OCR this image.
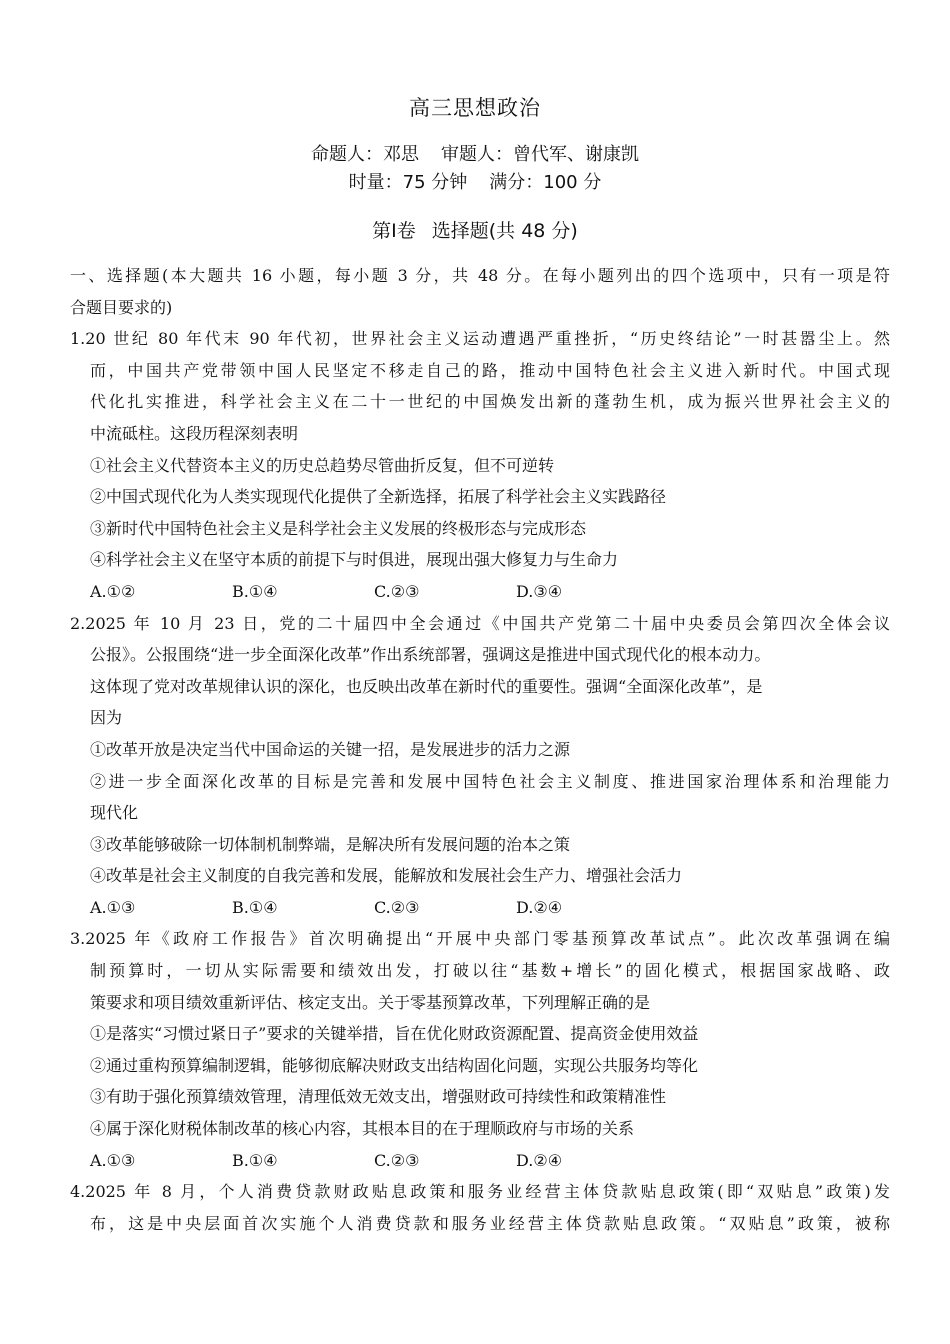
高三思想政治
命题人：邓思 审题人：曾代军、谢康凯
时量：75 分钟 满分：100 分
第Ⅰ卷 选择题(共 48 分)
一、选择题(本大题共 16 小题，每小题 3 分，共 48 分。在每小题列出的四个选项中，只有一项是符
合题目要求的)
1.20 世纪 80 年代末 90 年代初，世界社会主义运动遭遇严重挫折，“历史终结论”一时甚嚣尘上。然
而，中国共产党带领中国人民坚定不移走自己的路，推动中国特色社会主义进入新时代。中国式现
代化扎实推进，科学社会主义在二十一世纪的中国焕发出新的蓬勃生机，成为振兴世界社会主义的
中流砥柱。这段历程深刻表明
①社会主义代替资本主义的历史总趋势尽管曲折反复，但不可逆转
②中国式现代化为人类实现现代化提供了全新选择，拓展了科学社会主义实践路径
③新时代中国特色社会主义是科学社会主义发展的终极形态与完成形态
④科学社会主义在坚守本质的前提下与时俱进，展现出强大修复力与生命力
A.①②	B.①④	C.②③	D.③④
2.2025 年 10 月 23 日，党的二十届四中全会通过《中国共产党第二十届中央委员会第四次全体会议
公报》。公报围绕“进一步全面深化改革”作出系统部署，强调这是推进中国式现代化的根本动力。
这体现了党对改革规律认识的深化，也反映出改革在新时代的重要性。强调“全面深化改革”，是
因为
①改革开放是决定当代中国命运的关键一招，是发展进步的活力之源
②进一步全面深化改革的目标是完善和发展中国特色社会主义制度、推进国家治理体系和治理能力
现代化
③改革能够破除一切体制机制弊端，是解决所有发展问题的治本之策
④改革是社会主义制度的自我完善和发展，能解放和发展社会生产力、增强社会活力
A.①③	B.①④	C.②③	D.②④
3.2025 年《政府工作报告》首次明确提出“开展中央部门零基预算改革试点”。此次改革强调在编
制预算时，一切从实际需要和绩效出发，打破以往“基数+增长”的固化模式，根据国家战略、政
策要求和项目绩效重新评估、核定支出。关于零基预算改革，下列理解正确的是
①是落实“习惯过紧日子”要求的关键举措，旨在优化财政资源配置、提高资金使用效益
②通过重构预算编制逻辑，能够彻底解决财政支出结构固化问题，实现公共服务均等化
③有助于强化预算绩效管理，清理低效无效支出，增强财政可持续性和政策精准性
④属于深化财税体制改革的核心内容，其根本目的在于理顺政府与市场的关系
A.①③	B.①④	C.②③	D.②④
4.2025 年 8 月，个人消费贷款财政贴息政策和服务业经营主体贷款贴息政策(即“双贴息”政策)发
布，这是中央层面首次实施个人消费贷款和服务业经营主体贷款贴息政策。“双贴息”政策，被称
